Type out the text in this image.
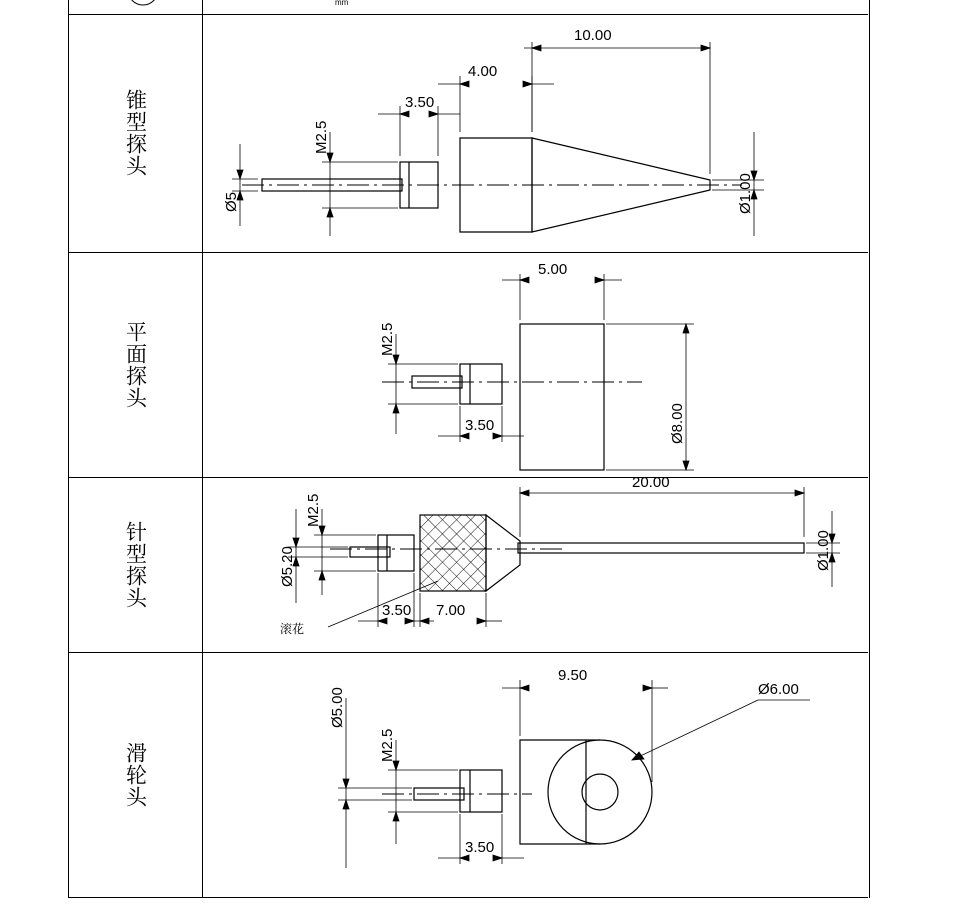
mm
锥型探头
10.00
4.00
3.50
Ø5
M2.5
Ø1.00
平面探头
5.00
M2.5
3.50	Ø8.00
针型探头
M2.5
Ø5.20
20.00
Ø1.00
3.50 7.00
滚花
滑轮头
Ø5.00
M2.5
9.50
Ø6.00
3.50
